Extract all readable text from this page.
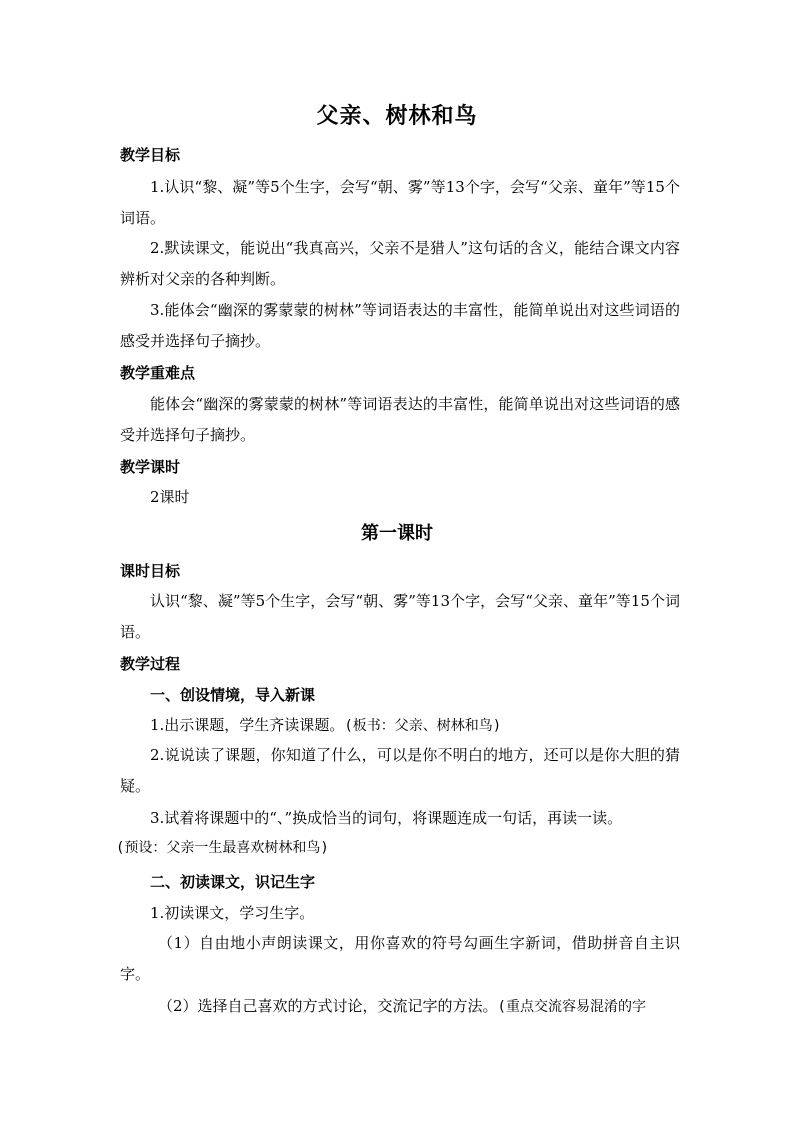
父亲、树林和鸟
教学目标
1.认识“黎、凝”等5个生字，会写“朝、雾”等13个字，会写“父亲、童年”等15个词语。
2.默读课文，能说出“我真高兴，父亲不是猎人”这句话的含义，能结合课文内容辨析对父亲的各种判断。
3.能体会“幽深的雾蒙蒙的树林”等词语表达的丰富性，能简单说出对这些词语的感受并选择句子摘抄。
教学重难点
能体会“幽深的雾蒙蒙的树林”等词语表达的丰富性，能简单说出对这些词语的感受并选择句子摘抄。
教学课时
2课时
第一课时
课时目标
认识“黎、凝”等5个生字，会写“朝、雾”等13个字，会写“父亲、童年”等15个词语。
教学过程
一、创设情境，导入新课
1.出示课题，学生齐读课题。(板书：父亲、树林和鸟)
2.说说读了课题，你知道了什么，可以是你不明白的地方，还可以是你大胆的猜疑。
3.试着将课题中的“、”换成恰当的词句，将课题连成一句话，再读一读。
(预设：父亲一生最喜欢树林和鸟)
二、初读课文，识记生字
1.初读课文，学习生字。
（1）自由地小声朗读课文，用你喜欢的符号勾画生字新词，借助拼音自主识字。
（2）选择自己喜欢的方式讨论，交流记字的方法。(重点交流容易混淆的字
